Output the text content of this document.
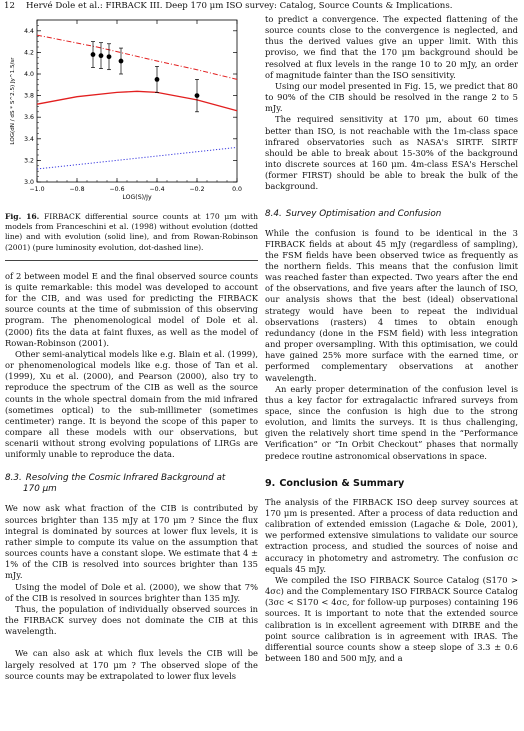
12 Hervé Dole et al.: FIRBACK III. Deep 170 μm ISO survey: Catalog, Source Counts & Implications.
−1.0	−0.8	−0.6	−0.4	−0.2	0.0
3.0
3.2
3.4
3.6
3.8
4.0
4.2
4.4
LOG(S)/Jy
LOG(dN / dS * S^2.5) Jy^1.5/sr

Fig. 16. FIRBACK differential source counts at 170 μm with models from Franceschini et al. (1998) without evolution (dotted line) and with evolution (solid line), and from Rowan-Robinson (2001) (pure luminosity evolution, dot-dashed line).

of 2 between model E and the final observed source counts is quite remarkable: this model was developed to account for the CIB, and was used for predicting the FIRBACK source counts at the time of submission of this observing program. The phenomenological model of Dole et al. (2000) fits the data at faint fluxes, as well as the model of Rowan-Robinson (2001).

Other semi-analytical models like e.g. Blain et al. (1999), or phenomenological models like e.g. those of Tan et al. (1999), Xu et al. (2000), and Pearson (2000), also try to reproduce the spectrum of the CIB as well as the source counts in the whole spectral domain from the mid infrared (sometimes optical) to the sub-millimeter (sometimes centimeter) range. It is beyond the scope of this paper to compare all these models with our observations, but scenarii without strong evolving populations of LIRGs are uniformly unable to reproduce the data.

8.3. Resolving the Cosmic Infrared Background at
170 μm

We now ask what fraction of the CIB is contributed by sources brighter than 135 mJy at 170 μm ? Since the flux integral is dominated by sources at lower flux levels, it is rather simple to compute its value on the assumption that sources counts have a constant slope. We estimate that 4 ± 1% of the CIB is resolved into sources brighter than 135 mJy.

Using the model of Dole et al. (2000), we show that 7% of the CIB is resolved in sources brighter than 135 mJy.

Thus, the population of individually observed sources in the FIRBACK survey does not dominate the CIB at this wavelength.

We can also ask at which flux levels the CIB will be largely resolved at 170 μm ? The observed slope of the source counts may be extrapolated to lower flux levels

to predict a convergence. The expected flattening of the source counts close to the convergence is neglected, and thus the derived values give an upper limit. With this proviso, we find that the 170 μm background should be resolved at flux levels in the range 10 to 20 mJy, an order of magnitude fainter than the ISO sensitivity.

Using our model presented in Fig. 15, we predict that 80 to 90% of the CIB should be resolved in the range 2 to 5 mJy.

The required sensitivity at 170 μm, about 60 times better than ISO, is not reachable with the 1m-class space infrared observatories such as NASA's SIRTF. SIRTF should be able to break about 15-30% of the background into discrete sources at 160 μm. 4m-class ESA's Herschel (former FIRST) should be able to break the bulk of the background.

8.4. Survey Optimisation and Confusion

While the confusion is found to be identical in the 3 FIRBACK fields at about 45 mJy (regardless of sampling), the FSM fields have been observed twice as frequently as the northern fields. This means that the confusion limit was reached faster than expected. Two years after the end of the observations, and five years after the launch of ISO, our analysis shows that the best (ideal) observational strategy would have been to repeat the individual observations (rasters) 4 times to obtain enough redundancy (done in the FSM field) with less integration and proper oversampling. With this optimisation, we could have gained 25% more surface with the earned time, or performed complementary observations at another wavelength.

An early proper determination of the confusion level is thus a key factor for extragalactic infrared surveys from space, since the confusion is high due to the strong evolution, and limits the surveys. It is thus challenging, given the relatively short time spend in the “Performance Verification” or “In Orbit Checkout” phases that normally predece routine astronomical observations in space.

9. Conclusion & Summary

The analysis of the FIRBACK ISO deep survey sources at 170 μm is presented. After a process of data reduction and calibration of extended emission (Lagache & Dole, 2001), we performed extensive simulations to validate our source extraction process, and studied the sources of noise and accuracy in photometry and astrometry. The confusion σc equals 45 mJy.

We compiled the ISO FIRBACK Source Catalog (S170 > 4σc) and the Complementary ISO FIRBACK Source Catalog (3σc < S170 < 4σc, for follow-up purposes) containing 196 sources. It is important to note that the extended source calibration is in excellent agreement with DIRBE and the point source calibration is in agreement with IRAS. The differential source counts show a steep slope of 3.3 ± 0.6 between 180 and 500 mJy, and a
